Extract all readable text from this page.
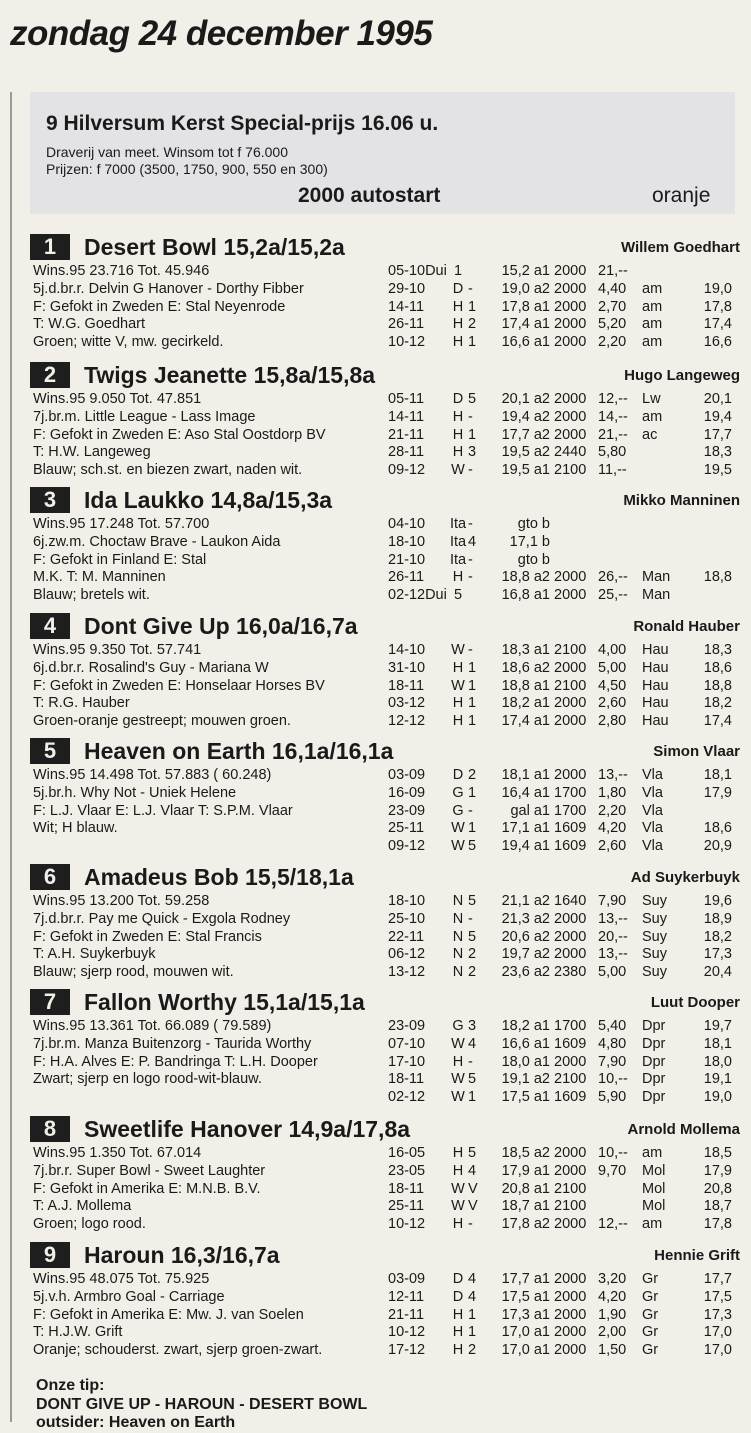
zondag 24 december 1995
9 Hilversum Kerst Special-prijs 16.06 u.
Draverij van meet. Winsom tot f 76.000
Prijzen: f 7000 (3500, 1750, 900, 550 en 300)
2000 autostart	oranje
1	Desert Bowl 15,2a/15,2a	Willem Goedhart
Wins.95 23.716 Tot. 45.946
5j.d.br.r. Delvin G Hanover - Dorthy Fibber
F: Gefokt in Zweden E: Stal Neyenrode
T: W.G. Goedhart
Groen; witte V, mw. gecirkeld.
05-10Dui 1	15,2 a1 2000 21,--
29-10 D - 19,0 a2 2000 4,40 am	19,0
14-11 H 1 17,8 a1 2000 2,70 am	17,8
26-11 H 2 17,4 a1 2000 5,20 am	17,4
10-12 H 1 16,6 a1 2000 2,20 am	16,6
2	Twigs Jeanette 15,8a/15,8a	Hugo Langeweg
Wins.95 9.050 Tot. 47.851
7j.br.m. Little League - Lass Image
F: Gefokt in Zweden E: Aso Stal Oostdorp BV
T: H.W. Langeweg
Blauw; sch.st. en biezen zwart, naden wit.
05-11 D 5 20,1 a2 2000 12,-- Lw	20,1
14-11 H - 19,4 a2 2000 14,-- am	19,4
21-11 H 1 17,7 a2 2000 21,-- ac	17,7
28-11 H 3 19,5 a2 2440 5,80	18,3
09-12 W - 19,5 a1 2100 11,--	19,5
3	Ida Laukko 14,8a/15,3a	Mikko Manninen
Wins.95 17.248 Tot. 57.700
6j.zw.m. Choctaw Brave - Laukon Aida
F: Gefokt in Finland E: Stal
M.K. T: M. Manninen
Blauw; bretels wit.
04-10 Ita -	gto b
18-10 Ita 4 17,1 b
21-10 Ita -	gto b
26-11 H - 18,8 a2 2000 26,-- Man 18,8
02-12Dui 5	16,8 a1 2000 25,-- Man
4	Dont Give Up 16,0a/16,7a	Ronald Hauber
Wins.95 9.350 Tot. 57.741
6j.d.br.r. Rosalind's Guy - Mariana W
F: Gefokt in Zweden E: Honselaar Horses BV
T: R.G. Hauber
Groen-oranje gestreept; mouwen groen.
14-10 W - 18,3 a1 2100 4,00 Hau 18,3
31-10 H 1 18,6 a2 2000 5,00 Hau 18,6
18-11 W 1 18,8 a1 2100 4,50 Hau 18,8
03-12 H 1 18,2 a1 2000 2,60 Hau 18,2
12-12 H 1 17,4 a1 2000 2,80 Hau 17,4
5	Heaven on Earth 16,1a/16,1a	Simon Vlaar
Wins.95 14.498 Tot. 57.883 ( 60.248)
5j.br.h. Why Not - Uniek Helene
F: L.J. Vlaar E: L.J. Vlaar T: S.P.M. Vlaar
Wit; H blauw.
03-09 D 2 18,1 a1 2000 13,-- Vla	18,1
16-09 G 1 16,4 a1 1700 1,80 Vla	17,9
23-09 G -	gal a1 1700 2,20 Vla
25-11 W 1 17,1 a1 1609 4,20 Vla	18,6
09-12 W 5 19,4 a1 1609 2,60 Vla	20,9
6	Amadeus Bob 15,5/18,1a	Ad Suykerbuyk
Wins.95 13.200 Tot. 59.258
7j.d.br.r. Pay me Quick - Exgola Rodney
F: Gefokt in Zweden E: Stal Francis
T: A.H. Suykerbuyk
Blauw; sjerp rood, mouwen wit.
18-10 N 5 21,1 a2 1640 7,90 Suy	19,6
25-10 N - 21,3 a2 2000 13,-- Suy	18,9
22-11 N 5 20,6 a2 2000 20,-- Suy	18,2
06-12 N 2 19,7 a2 2000 13,-- Suy	17,3
13-12 N 2 23,6 a2 2380 5,00 Suy	20,4
7	Fallon Worthy 15,1a/15,1a	Luut Dooper
Wins.95 13.361 Tot. 66.089 ( 79.589)
7j.br.m. Manza Buitenzorg - Taurida Worthy
F: H.A. Alves E: P. Bandringa T: L.H. Dooper
Zwart; sjerp en logo rood-wit-blauw.
23-09 G 3 18,2 a1 1700 5,40 Dpr	19,7
07-10 W 4 16,6 a1 1609 4,80 Dpr	18,1
17-10 H - 18,0 a1 2000 7,90 Dpr	18,0
18-11 W 5 19,1 a2 2100 10,-- Dpr	19,1
02-12 W 1 17,5 a1 1609 5,90 Dpr	19,0
8	Sweetlife Hanover 14,9a/17,8a	Arnold Mollema
Wins.95 1.350 Tot. 67.014
7j.br.r. Super Bowl - Sweet Laughter
F: Gefokt in Amerika E: M.N.B. B.V.
T: A.J. Mollema
Groen; logo rood.
16-05 H 5 18,5 a2 2000 10,-- am	18,5
23-05 H 4 17,9 a1 2000 9,70 Mol	17,9
18-11 W V 20,8 a1 2100	Mol	20,8
25-11 W V 18,7 a1 2100	Mol	18,7
10-12 H - 17,8 a2 2000 12,-- am	17,8
9	Haroun 16,3/16,7a	Hennie Grift
Wins.95 48.075 Tot. 75.925
5j.v.h. Armbro Goal - Carriage
F: Gefokt in Amerika E: Mw. J. van Soelen
T: H.J.W. Grift
Oranje; schouderst. zwart, sjerp groen-zwart.
03-09 D 4 17,7 a1 2000 3,20 Gr	17,7
12-11 D 4 17,5 a1 2000 4,20 Gr	17,5
21-11 H 1 17,3 a1 2000 1,90 Gr	17,3
10-12 H 1 17,0 a1 2000 2,00 Gr	17,0
17-12 H 2 17,0 a1 2000 1,50 Gr	17,0
Onze tip:
DONT GIVE UP - HAROUN - DESERT BOWL
outsider: Heaven on Earth
